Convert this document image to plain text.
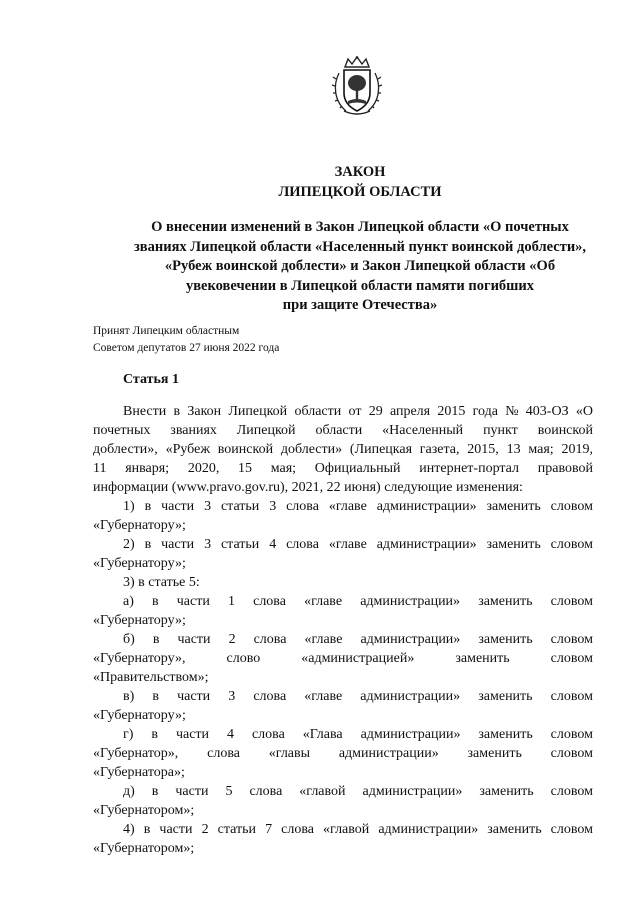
ЗАКОН
ЛИПЕЦКОЙ ОБЛАСТИ
О внесении изменений в Закон Липецкой области «О почетных
званиях Липецкой области «Населенный пункт воинской доблести»,
«Рубеж воинской доблести» и Закон Липецкой области «Об
увековечении в Липецкой области памяти погибших
при защите Отечества»
Принят Липецким областным
Советом депутатов 27 июня 2022 года
Статья 1
Внести в Закон Липецкой области от 29 апреля 2015 года № 403-ОЗ «О
почетных званиях Липецкой области «Населенный пункт воинской
доблести», «Рубеж воинской доблести» (Липецкая газета, 2015, 13 мая; 2019,
11 января; 2020, 15 мая; Официальный интернет-портал правовой
информации (www.pravo.gov.ru), 2021, 22 июня) следующие изменения:
1) в части 3 статьи 3 слова «главе администрации» заменить словом
«Губернатору»;
2) в части 3 статьи 4 слова «главе администрации» заменить словом
«Губернатору»;
3) в статье 5:
а) в части 1 слова «главе администрации» заменить словом
«Губернатору»;
б) в части 2 слова «главе администрации» заменить словом
«Губернатору»,	слово	«администрацией»	заменить	словом
«Правительством»;
в) в части 3 слова «главе администрации» заменить словом
«Губернатору»;
г) в части 4 слова «Глава администрации» заменить словом
«Губернатор», слова «главы администрации» заменить словом
«Губернатора»;
д) в части 5 слова «главой администрации» заменить словом
«Губернатором»;
4) в части 2 статьи 7 слова «главой администрации» заменить словом
«Губернатором»;
